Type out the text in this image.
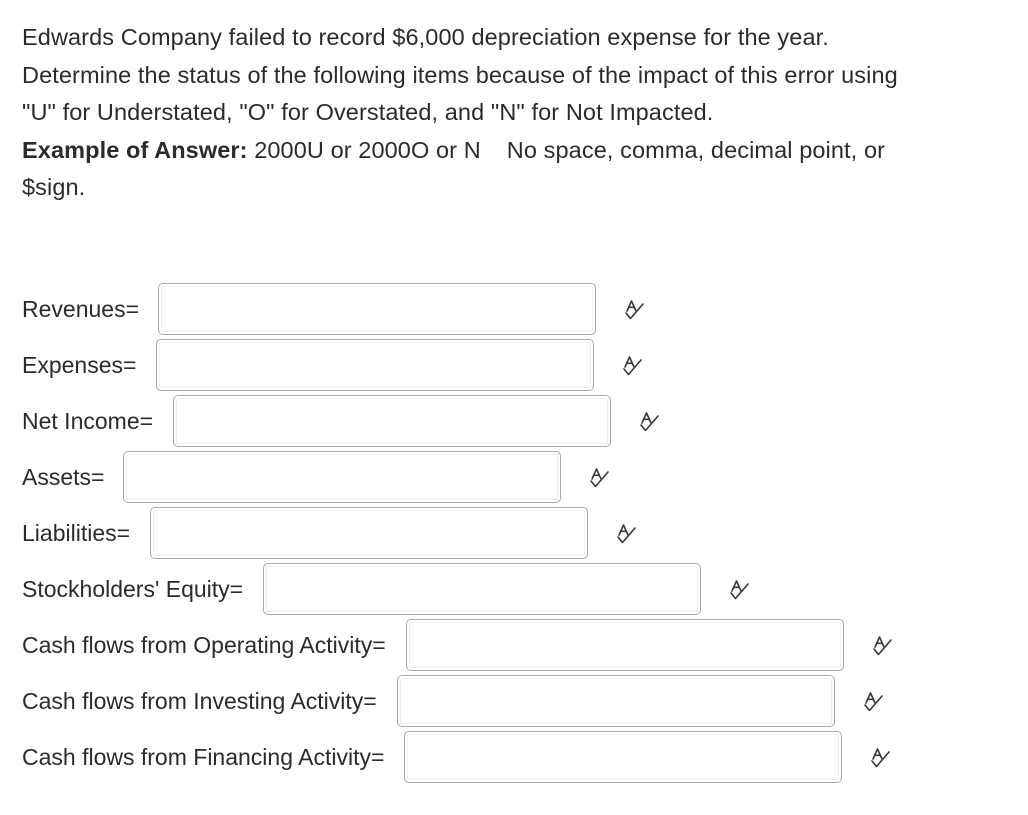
Edwards Company failed to record $6,000 depreciation expense for the year.

Determine the status of the following items because of the impact of this error using

"U" for Understated, "O" for Overstated, and "N" for Not Impacted.

Example of Answer: 2000U or 2000O or N No space, comma, decimal point, or

$sign.

Revenues=
Expenses=
Net Income=
Assets=
Liabilities=
Stockholders' Equity=
Cash flows from Operating Activity=
Cash flows from Investing Activity=
Cash flows from Financing Activity=
